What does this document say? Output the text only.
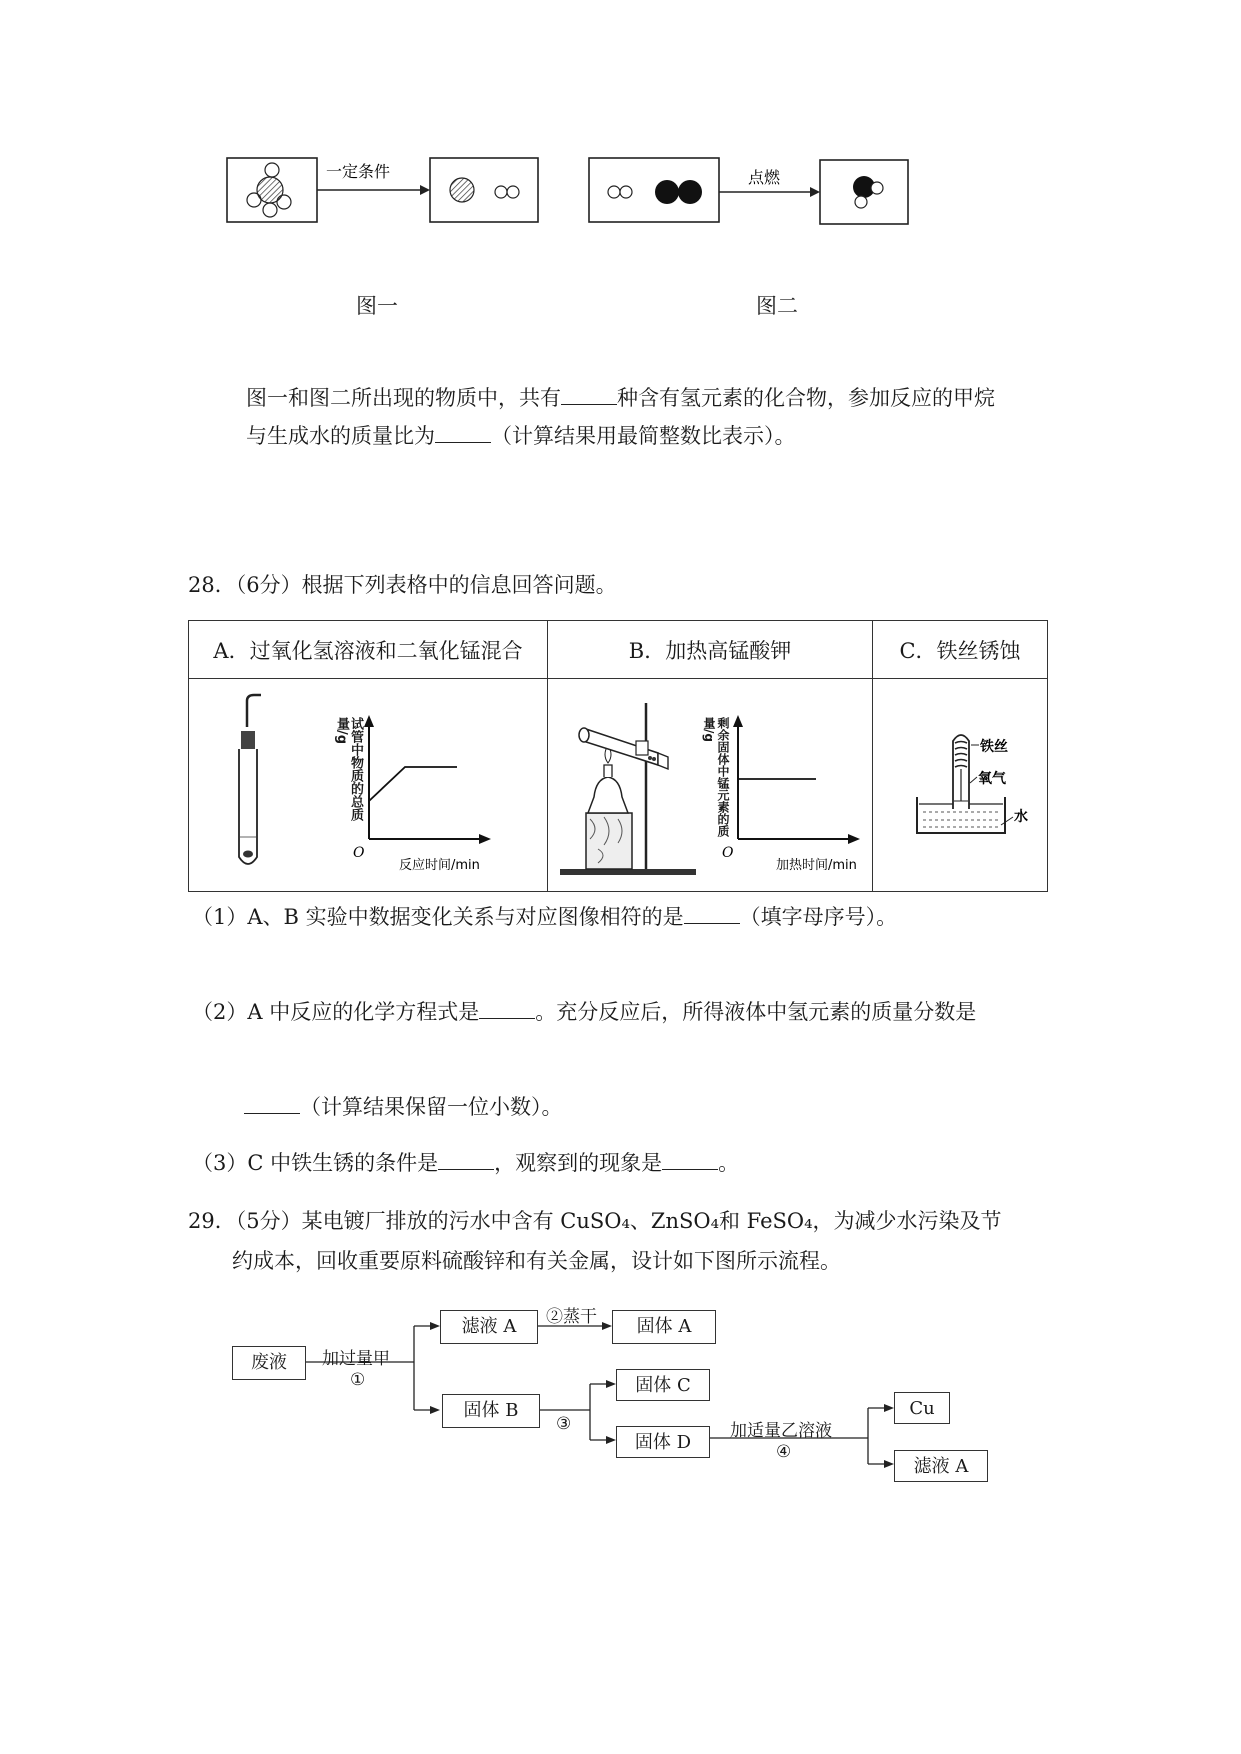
一定条件	点燃
图一	图二
图一和图二所出现的物质中，共有	种含有氢元素的化合物，参加反应的甲烷
与生成水的质量比为	（计算结果用最简整数比表示）。
28．（6分）根据下列表格中的信息回答问题。
A．过氧化氢溶液和二氧化锰混合	B．加热高锰酸钾	C．铁丝锈蚀

O
反应时间/min
试管中物质的总质量/g	O
加热时间/min
剩余固体中锰元素的质量/g	铁丝
氧气
水
（1）A、B 实验中数据变化关系与对应图像相符的是	（填字母序号）。
（2）A 中反应的化学方程式是	。充分反应后，所得液体中氢元素的质量分数是
（计算结果保留一位小数）。
（3）C 中铁生锈的条件是	，观察到的现象是	。
29．（5分）某电镀厂排放的污水中含有 CuSO₄、ZnSO₄和 FeSO₄，为减少水污染及节
约成本，回收重要原料硫酸锌和有关金属，设计如下图所示流程。
废液	加过量甲
①
滤液 A	②蒸干	固体 A
固体 B
③
固体 C
固体 D
加适量乙溶液
④
Cu
滤液 A
